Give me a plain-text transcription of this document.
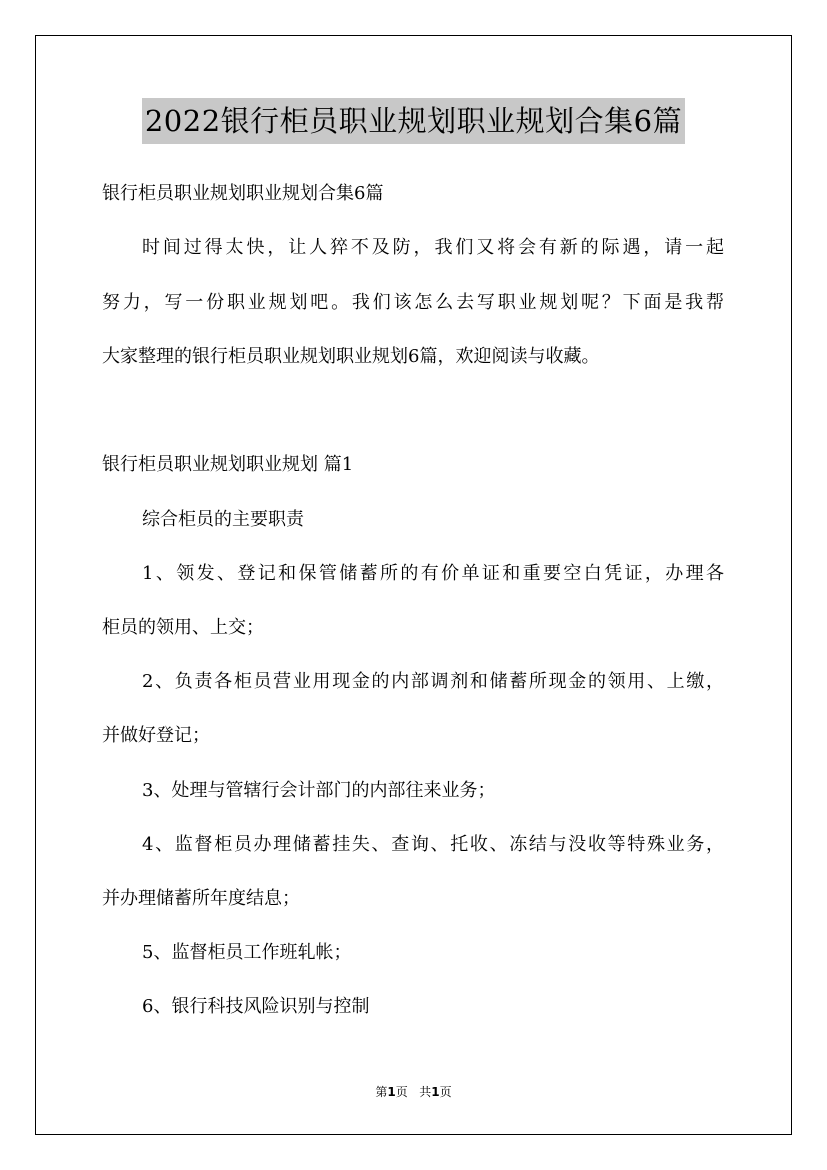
2022银行柜员职业规划职业规划合集6篇
银行柜员职业规划职业规划合集6篇
时间过得太快，让人猝不及防，我们又将会有新的际遇，请一起
努力，写一份职业规划吧。我们该怎么去写职业规划呢？下面是我帮
大家整理的银行柜员职业规划职业规划6篇，欢迎阅读与收藏。
银行柜员职业规划职业规划 篇1
综合柜员的主要职责
1、领发、登记和保管储蓄所的有价单证和重要空白凭证，办理各
柜员的领用、上交；
2、负责各柜员营业用现金的内部调剂和储蓄所现金的领用、上缴，
并做好登记；
3、处理与管辖行会计部门的内部往来业务；
4、监督柜员办理储蓄挂失、查询、托收、冻结与没收等特殊业务，
并办理储蓄所年度结息；
5、监督柜员工作班轧帐；
6、银行科技风险识别与控制
第1页 共1页
